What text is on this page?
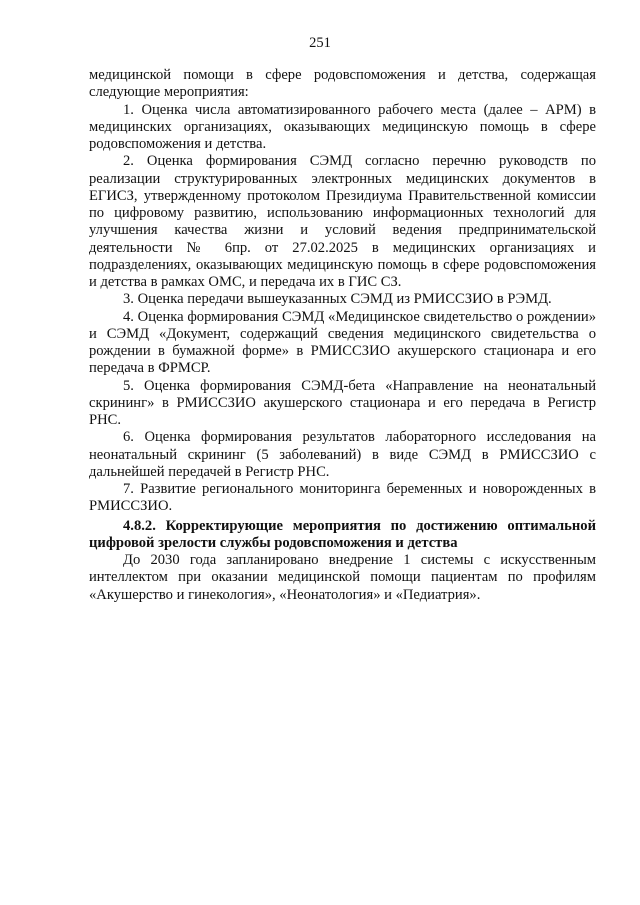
251

медицинской помощи в сфере родовспоможения и детства, содержащая следующие мероприятия:

1. Оценка числа автоматизированного рабочего места (далее – АРМ) в медицинских организациях, оказывающих медицинскую помощь в сфере родовспоможения и детства.

2. Оценка формирования СЭМД согласно перечню руководств по реализации структурированных электронных медицинских документов в ЕГИСЗ, утвержденному протоколом Президиума Правительственной комиссии по цифровому развитию, использованию информационных технологий для улучшения качества жизни и условий ведения предпринимательской деятельности № 6пр. от 27.02.2025 в медицинских организациях и подразделениях, оказывающих медицинскую помощь в сфере родовспоможения и детства в рамках ОМС, и передача их в ГИС СЗ.

3. Оценка передачи вышеуказанных СЭМД из РМИССЗИО в РЭМД.

4. Оценка формирования СЭМД «Медицинское свидетельство о рождении» и СЭМД «Документ, содержащий сведения медицинского свидетельства о рождении в бумажной форме» в РМИССЗИО акушерского стационара и его передача в ФРМСР.

5. Оценка формирования СЭМД-бета «Направление на неонатальный скрининг» в РМИССЗИО акушерского стационара и его передача в Регистр РНС.

6. Оценка формирования результатов лабораторного исследования на неонатальный скрининг (5 заболеваний) в виде СЭМД в РМИССЗИО с дальнейшей передачей в Регистр РНС.

7. Развитие регионального мониторинга беременных и новорожденных в РМИССЗИО.

4.8.2. Корректирующие мероприятия по достижению оптимальной цифровой зрелости службы родовспоможения и детства

До 2030 года запланировано внедрение 1 системы с искусственным интеллектом при оказании медицинской помощи пациентам по профилям «Акушерство и гинекология», «Неонатология» и «Педиатрия».
